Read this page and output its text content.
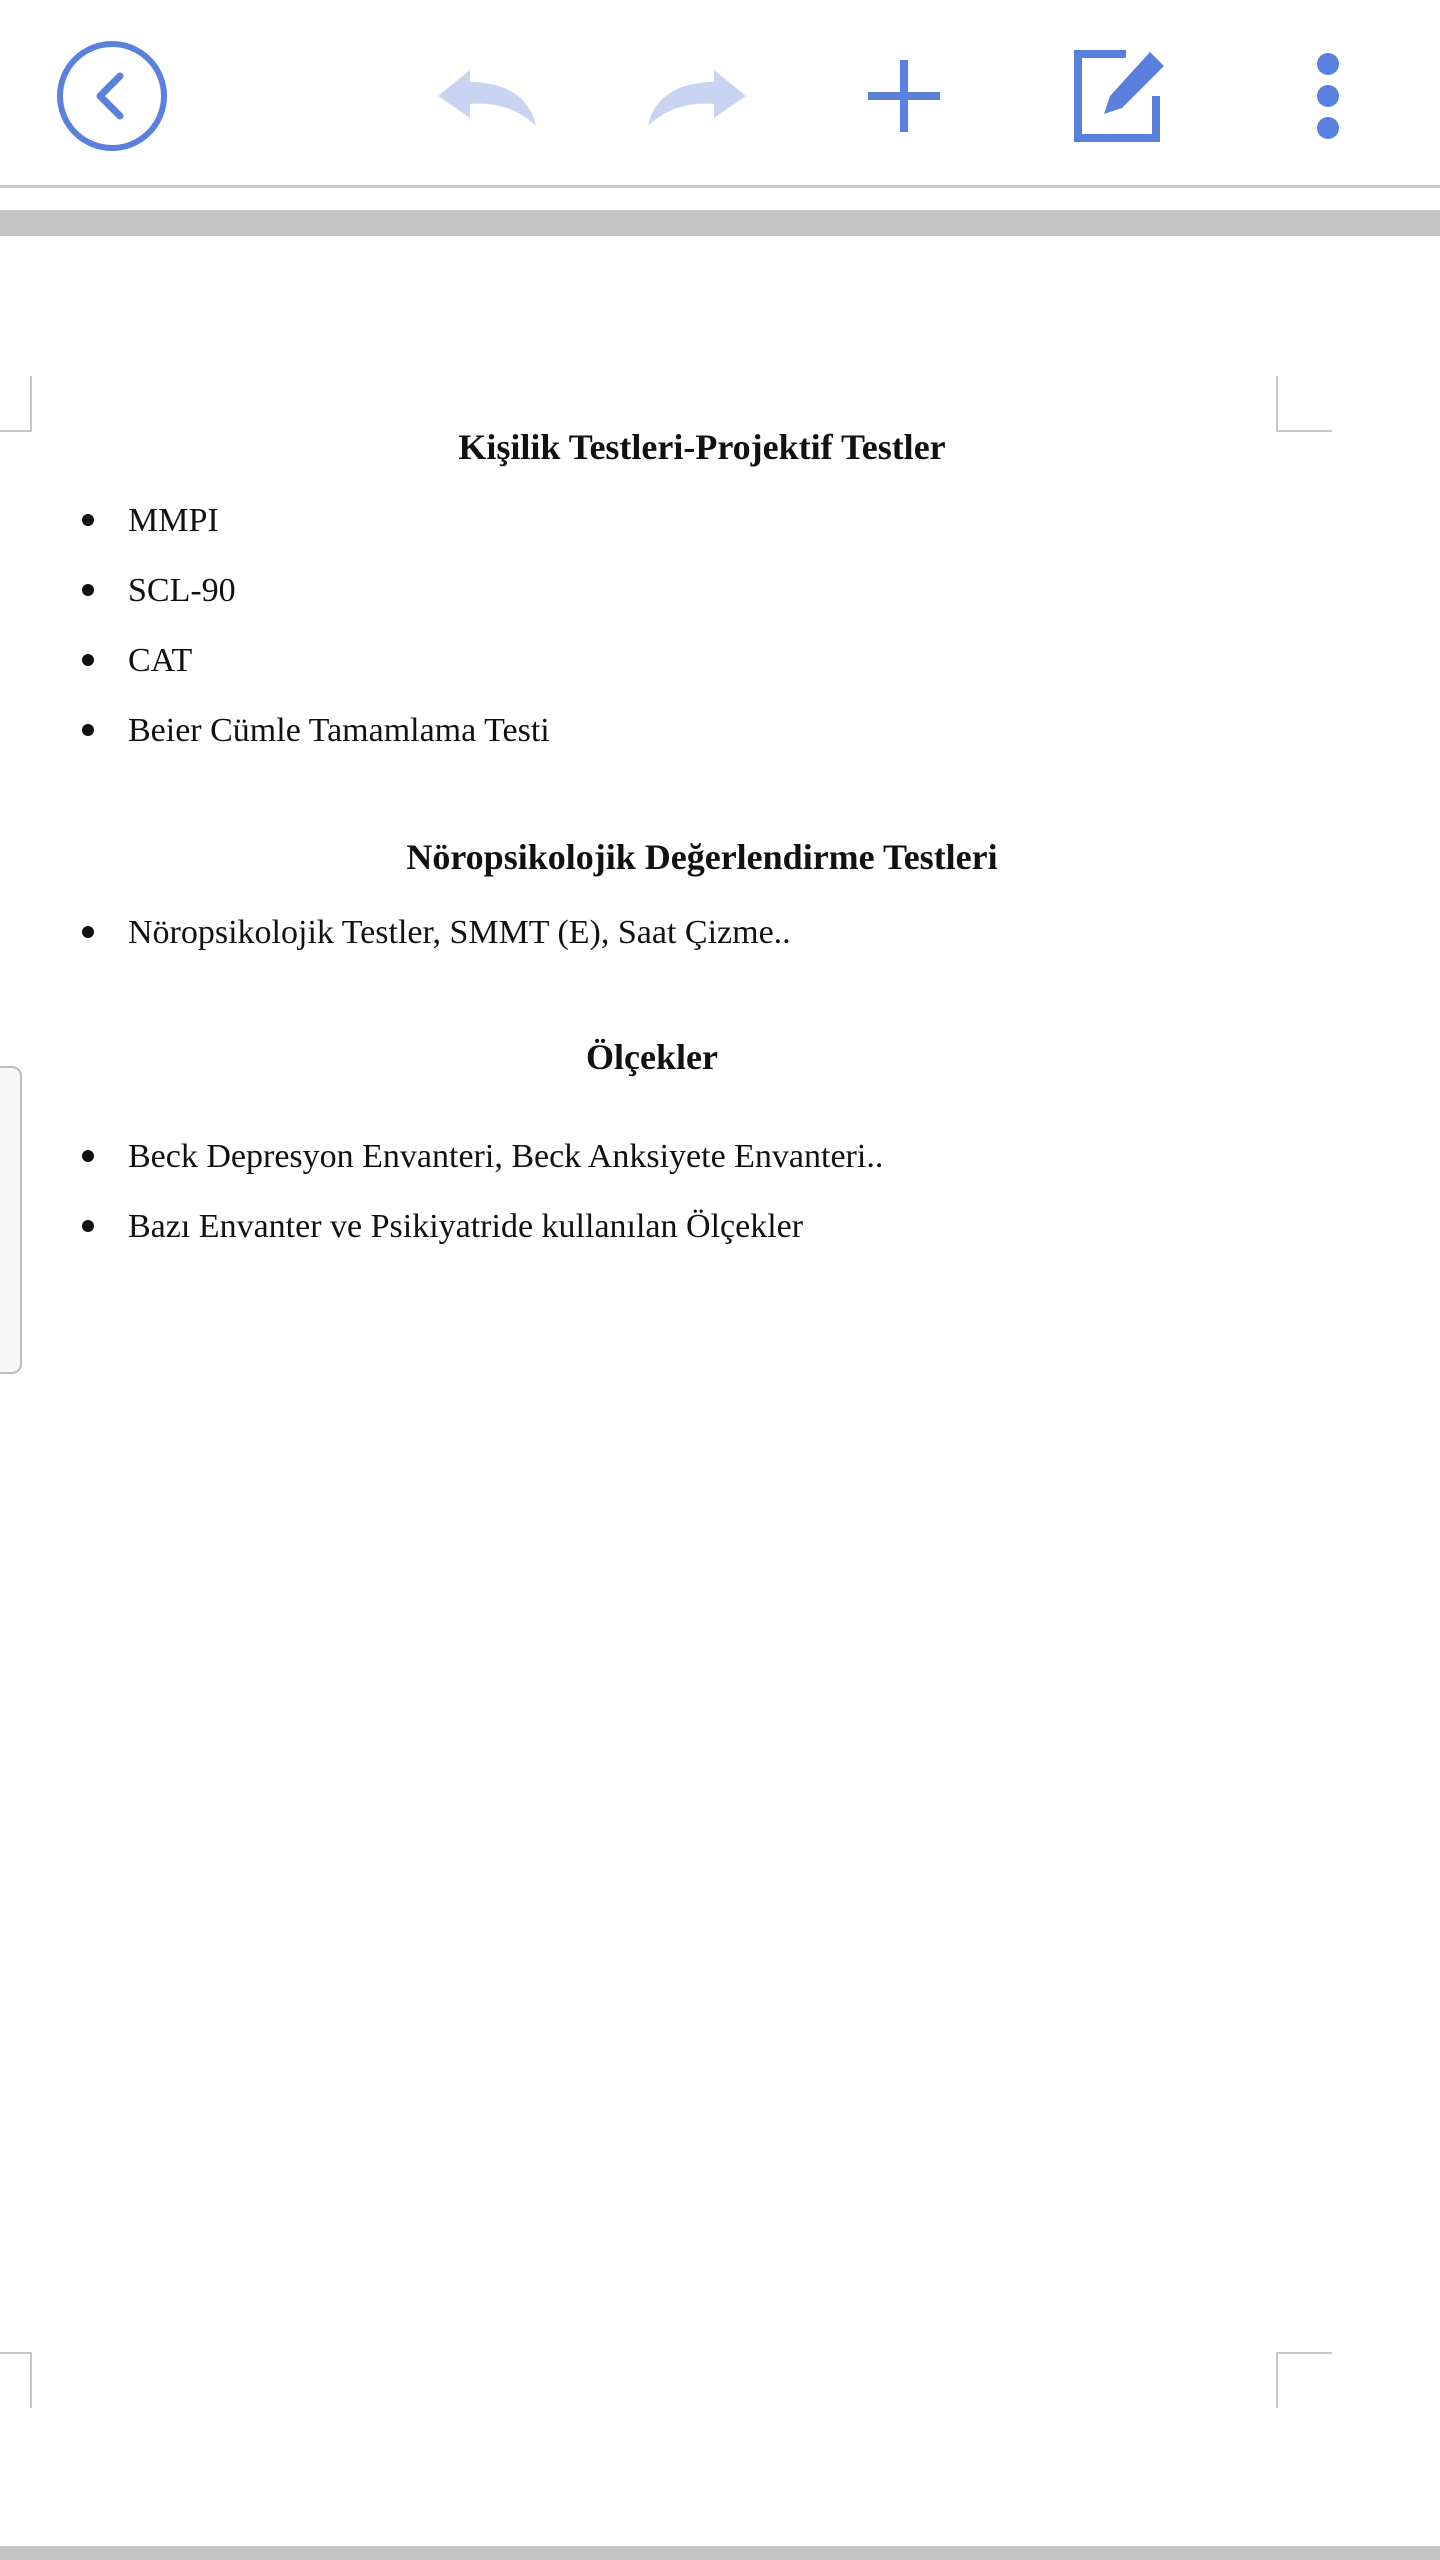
Kişilik Testleri-Projektif Testler
MMPI
SCL-90
CAT
Beier Cümle Tamamlama Testi
Nöropsikolojik Değerlendirme Testleri
Nöropsikolojik Testler, SMMT (E), Saat Çizme..
Ölçekler
Beck Depresyon Envanteri, Beck Anksiyete Envanteri..
Bazı Envanter ve Psikiyatride kullanılan Ölçekler
